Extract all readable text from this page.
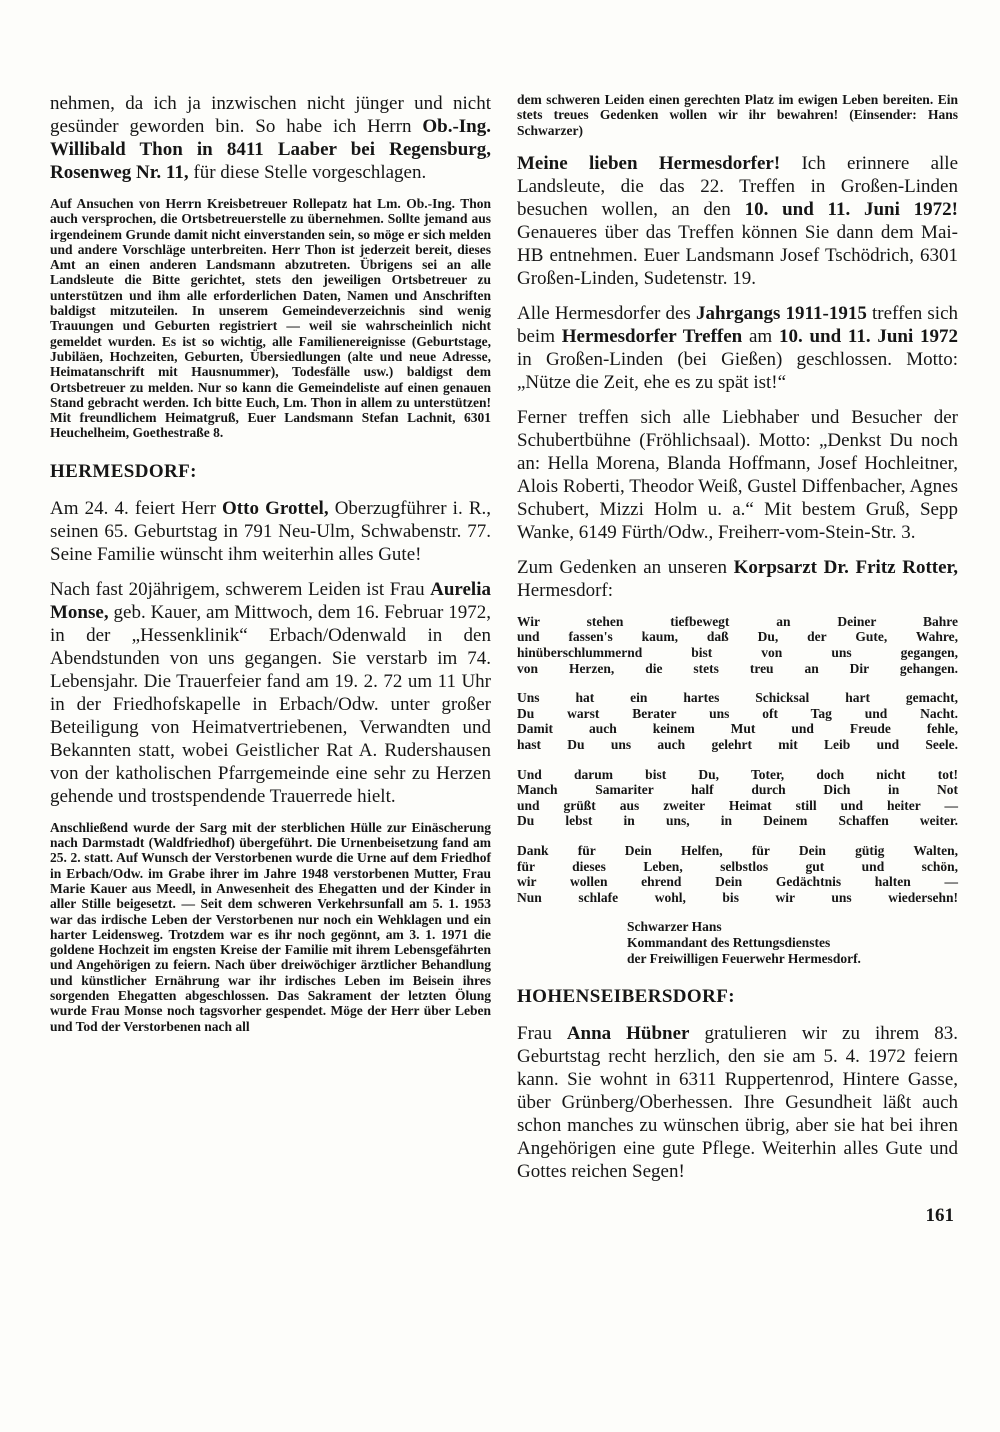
nehmen, da ich ja inzwischen nicht jünger und nicht gesünder geworden bin. So habe ich Herrn Ob.-Ing. Willibald Thon in 8411 Laaber bei Regensburg, Rosenweg Nr. 11, für diese Stelle vorgeschlagen.

Auf Ansuchen von Herrn Kreisbetreuer Rollepatz hat Lm. Ob.-Ing. Thon auch versprochen, die Ortsbetreuerstelle zu übernehmen. Sollte jemand aus irgendeinem Grunde damit nicht einverstanden sein, so möge er sich melden und andere Vorschläge unterbreiten. Herr Thon ist jederzeit bereit, dieses Amt an einen anderen Landsmann abzutreten. Übrigens sei an alle Landsleute die Bitte gerichtet, stets den jeweiligen Ortsbetreuer zu unterstützen und ihm alle erforderlichen Daten, Namen und Anschriften baldigst mitzuteilen. In unserem Gemeindeverzeichnis sind wenig Trauungen und Geburten registriert — weil sie wahrscheinlich nicht gemeldet wurden. Es ist so wichtig, alle Familienereignisse (Geburtstage, Jubiläen, Hochzeiten, Geburten, Übersiedlungen (alte und neue Adresse, Heimatanschrift mit Hausnummer), Todesfälle usw.) baldigst dem Ortsbetreuer zu melden. Nur so kann die Gemeindeliste auf einen genauen Stand gebracht werden. Ich bitte Euch, Lm. Thon in allem zu unterstützen! Mit freundlichem Heimatgruß, Euer Landsmann Stefan Lachnit, 6301 Heuchelheim, Goethestraße 8.

HERMESDORF:

Am 24. 4. feiert Herr Otto Grottel, Oberzugführer i. R., seinen 65. Geburtstag in 791 Neu-Ulm, Schwabenstr. 77. Seine Familie wünscht ihm weiterhin alles Gute!

Nach fast 20jährigem, schwerem Leiden ist Frau Aurelia Monse, geb. Kauer, am Mittwoch, dem 16. Februar 1972, in der „Hessenklinik“ Erbach/Odenwald in den Abendstunden von uns gegangen. Sie verstarb im 74. Lebensjahr. Die Trauerfeier fand am 19. 2. 72 um 11 Uhr in der Friedhofskapelle in Erbach/Odw. unter großer Beteiligung von Heimatvertriebenen, Verwandten und Bekannten statt, wobei Geistlicher Rat A. Rudershausen von der katholischen Pfarrgemeinde eine sehr zu Herzen gehende und trostspendende Trauerrede hielt.

Anschließend wurde der Sarg mit der sterblichen Hülle zur Einäscherung nach Darmstadt (Waldfriedhof) übergeführt. Die Urnenbeisetzung fand am 25. 2. statt. Auf Wunsch der Verstorbenen wurde die Urne auf dem Friedhof in Erbach/Odw. im Grabe ihrer im Jahre 1948 verstorbenen Mutter, Frau Marie Kauer aus Meedl, in Anwesenheit des Ehegatten und der Kinder in aller Stille beigesetzt. — Seit dem schweren Verkehrsunfall am 5. 1. 1953 war das irdische Leben der Verstorbenen nur noch ein Wehklagen und ein harter Leidensweg. Trotzdem war es ihr noch gegönnt, am 3. 1. 1971 die goldene Hochzeit im engsten Kreise der Familie mit ihrem Lebensgefährten und Angehörigen zu feiern. Nach über dreiwöchiger ärztlicher Behandlung und künstlicher Ernährung war ihr irdisches Leben im Beisein ihres sorgenden Ehegatten abgeschlossen. Das Sakrament der letzten Ölung wurde Frau Monse noch tagsvorher gespendet. Möge der Herr über Leben und Tod der Verstorbenen nach all

dem schweren Leiden einen gerechten Platz im ewigen Leben bereiten. Ein stets treues Gedenken wollen wir ihr bewahren! (Einsender: Hans Schwarzer)

Meine lieben Hermesdorfer! Ich erinnere alle Landsleute, die das 22. Treffen in Großen-Linden besuchen wollen, an den 10. und 11. Juni 1972! Genaueres über das Treffen können Sie dann dem Mai-HB entnehmen. Euer Landsmann Josef Tschödrich, 6301 Großen-Linden, Sudetenstr. 19.

Alle Hermesdorfer des Jahrgangs 1911-1915 treffen sich beim Hermesdorfer Treffen am 10. und 11. Juni 1972 in Großen-Linden (bei Gießen) geschlossen. Motto: „Nütze die Zeit, ehe es zu spät ist!“

Ferner treffen sich alle Liebhaber und Besucher der Schubertbühne (Fröhlichsaal). Motto: „Denkst Du noch an: Hella Morena, Blanda Hoffmann, Josef Hochleitner, Alois Roberti, Theodor Weiß, Gustel Diffenbacher, Agnes Schubert, Mizzi Holm u. a.“ Mit bestem Gruß, Sepp Wanke, 6149 Fürth/Odw., Freiherr-vom-Stein-Str. 3.

Zum Gedenken an unseren Korpsarzt Dr. Fritz Rotter, Hermesdorf:

Wir stehen tiefbewegt an Deiner Bahre
und fassen's kaum, daß Du, der Gute, Wahre,
hinüberschlummernd bist von uns gegangen,
von Herzen, die stets treu an Dir gehangen.
Uns hat ein hartes Schicksal hart gemacht,
Du warst Berater uns oft Tag und Nacht.
Damit auch keinem Mut und Freude fehle,
hast Du uns auch gelehrt mit Leib und Seele.
Und darum bist Du, Toter, doch nicht tot!
Manch Samariter half durch Dich in Not
und grüßt aus zweiter Heimat still und heiter —
Du lebst in uns, in Deinem Schaffen weiter.
Dank für Dein Helfen, für Dein gütig Walten,
für dieses Leben, selbstlos gut und schön,
wir wollen ehrend Dein Gedächtnis halten —
Nun schlafe wohl, bis wir uns wiedersehn!
Schwarzer Hans
Kommandant des Rettungsdienstes
der Freiwilligen Feuerwehr Hermesdorf.
HOHENSEIBERSDORF:

Frau Anna Hübner gratulieren wir zu ihrem 83. Geburtstag recht herzlich, den sie am 5. 4. 1972 feiern kann. Sie wohnt in 6311 Ruppertenrod, Hintere Gasse, über Grünberg/Oberhessen. Ihre Gesundheit läßt auch schon manches zu wünschen übrig, aber sie hat bei ihren Angehörigen eine gute Pflege. Weiterhin alles Gute und Gottes reichen Segen!

161
